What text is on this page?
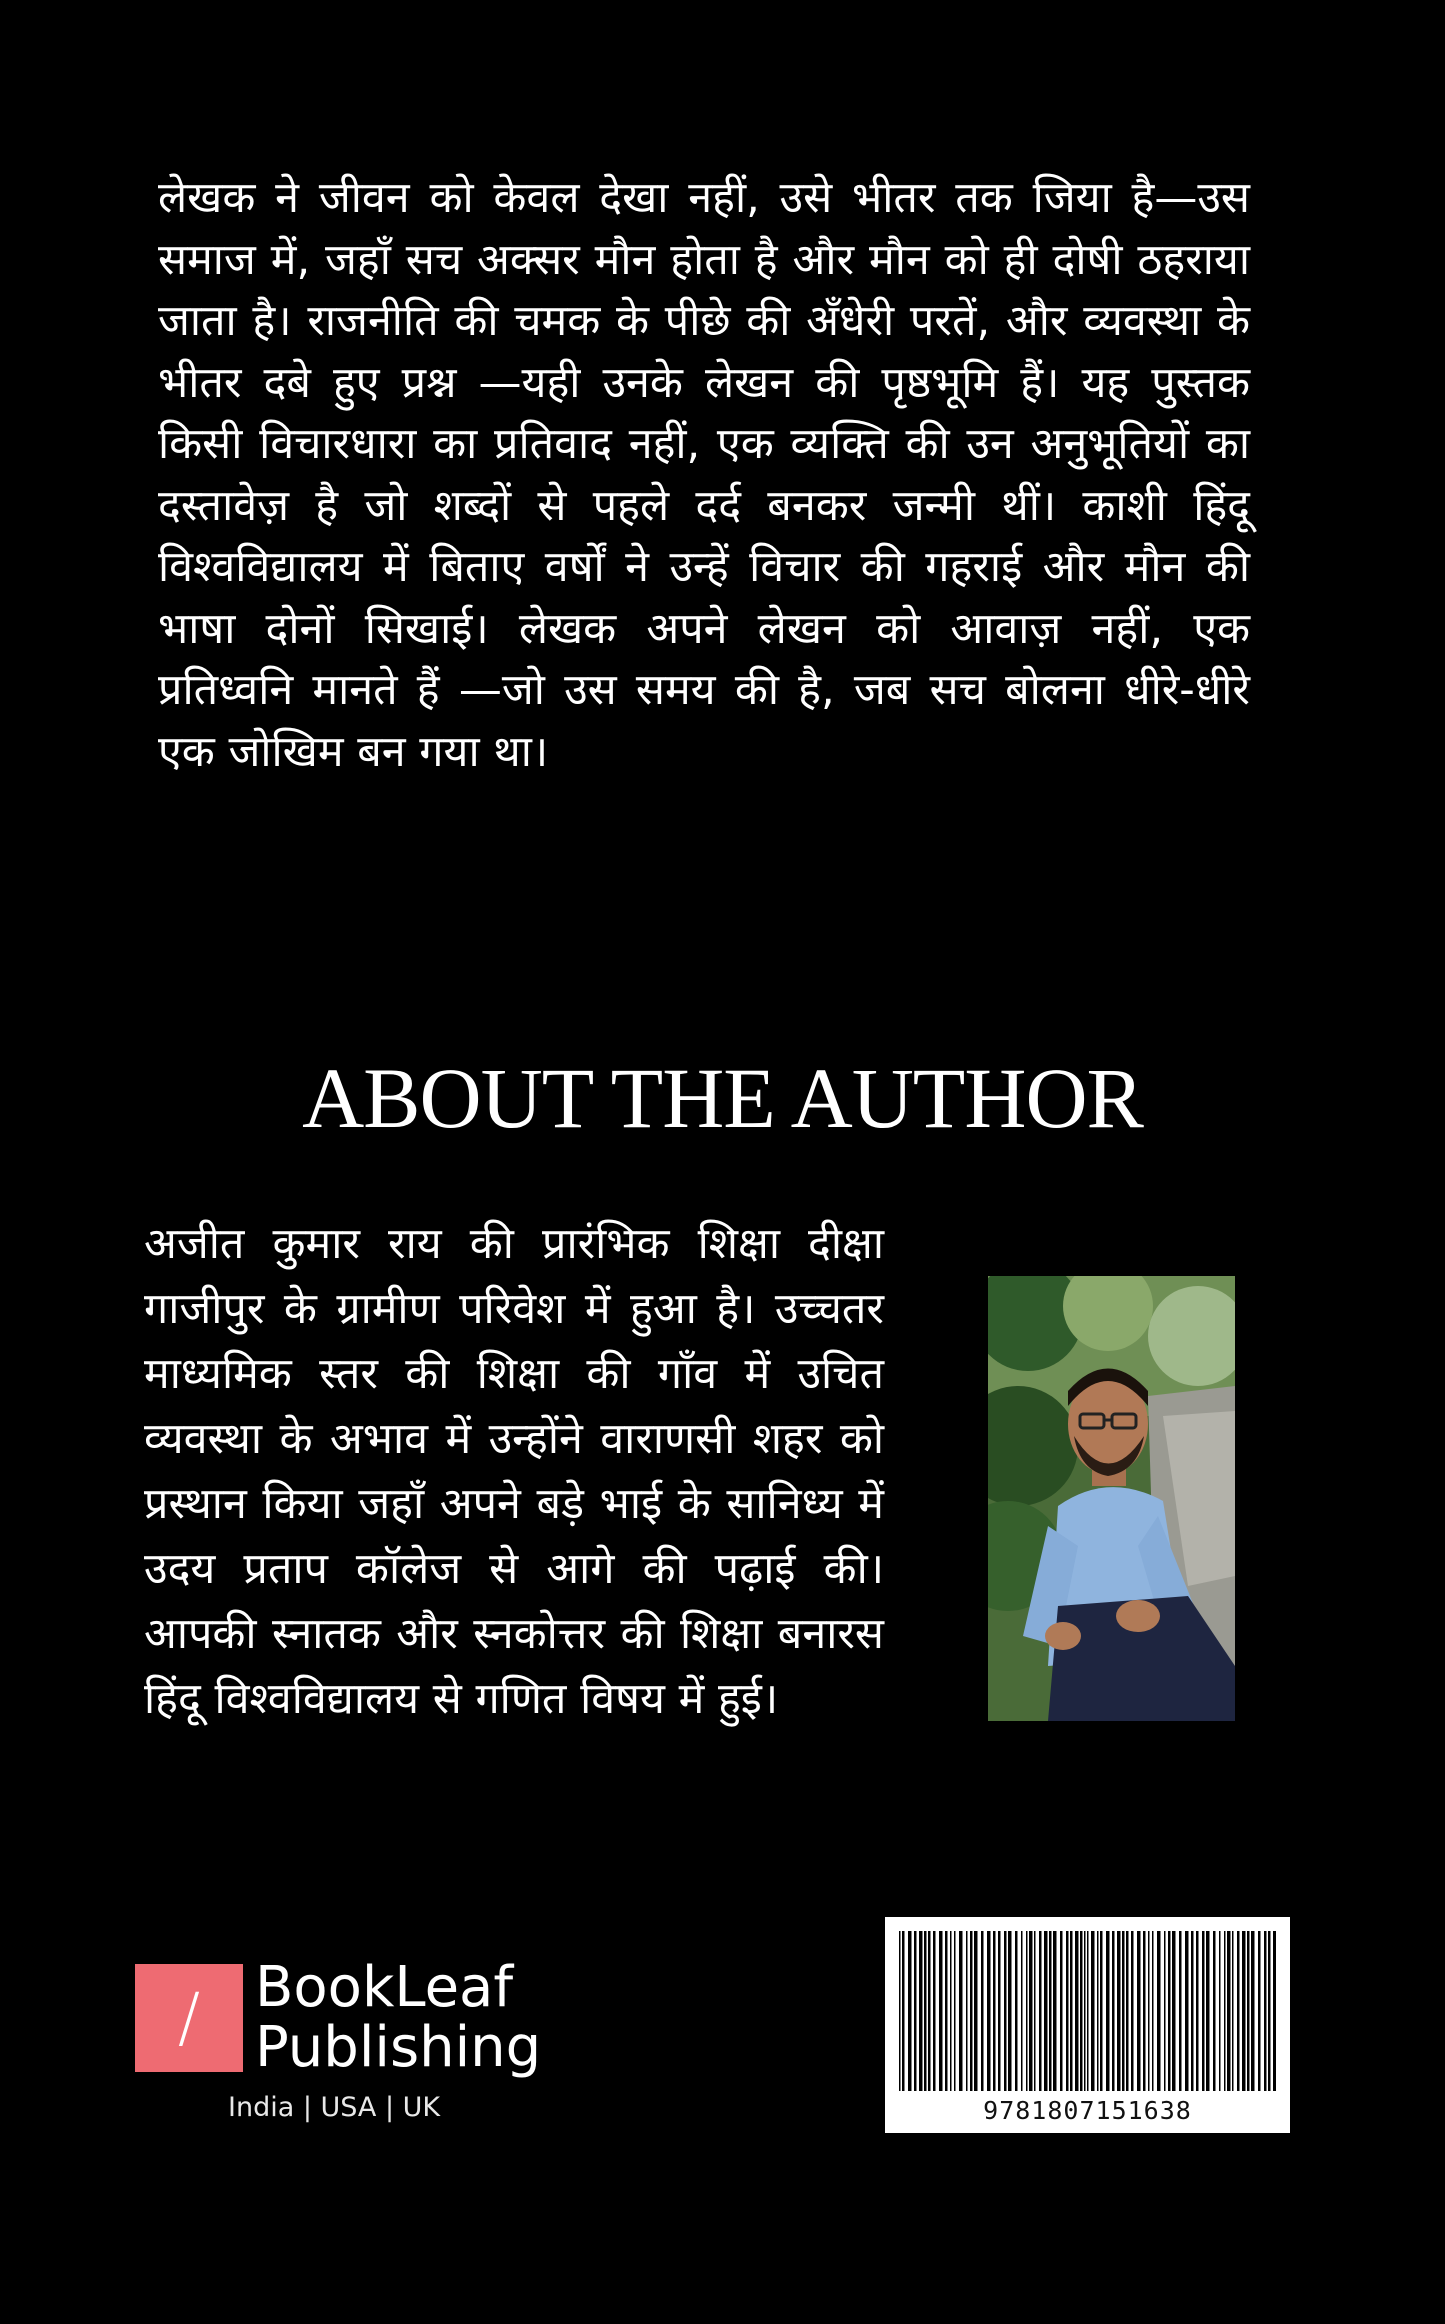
लेखक ने जीवन को केवल देखा नहीं, उसे भीतर तक जिया है—उस समाज में, जहाँ सच अक्सर मौन होता है और मौन को ही दोषी ठहराया जाता है। राजनीति की चमक के पीछे की अँधेरी परतें, और व्यवस्था के भीतर दबे हुए प्रश्न —यही उनके लेखन की पृष्ठभूमि हैं। यह पुस्तक किसी विचारधारा का प्रतिवाद नहीं, एक व्यक्ति की उन अनुभूतियों का दस्तावेज़ है जो शब्दों से पहले दर्द बनकर जन्मी थीं। काशी हिंदू विश्वविद्यालय में बिताए वर्षों ने उन्हें विचार की गहराई और मौन की भाषा दोनों सिखाई। लेखक अपने लेखन को आवाज़ नहीं, एक प्रतिध्वनि मानते हैं —जो उस समय की है, जब सच बोलना धीरे-धीरे एक जोखिम बन गया था।

ABOUT THE AUTHOR

अजीत कुमार राय की प्रारंभिक शिक्षा दीक्षा गाजीपुर के ग्रामीण परिवेश में हुआ है। उच्चतर माध्यमिक स्तर की शिक्षा की गाँव में उचित व्यवस्था के अभाव में उन्होंने वाराणसी शहर को प्रस्थान किया जहाँ अपने बड़े भाई के सानिध्य में उदय प्रताप कॉलेज से आगे की पढ़ाई की। आपकी स्नातक और स्नकोत्तर की शिक्षा बनारस हिंदू विश्वविद्यालय से गणित विषय में हुई।

/ BookLeaf
Publishing
India | USA | UK	9781807151638
